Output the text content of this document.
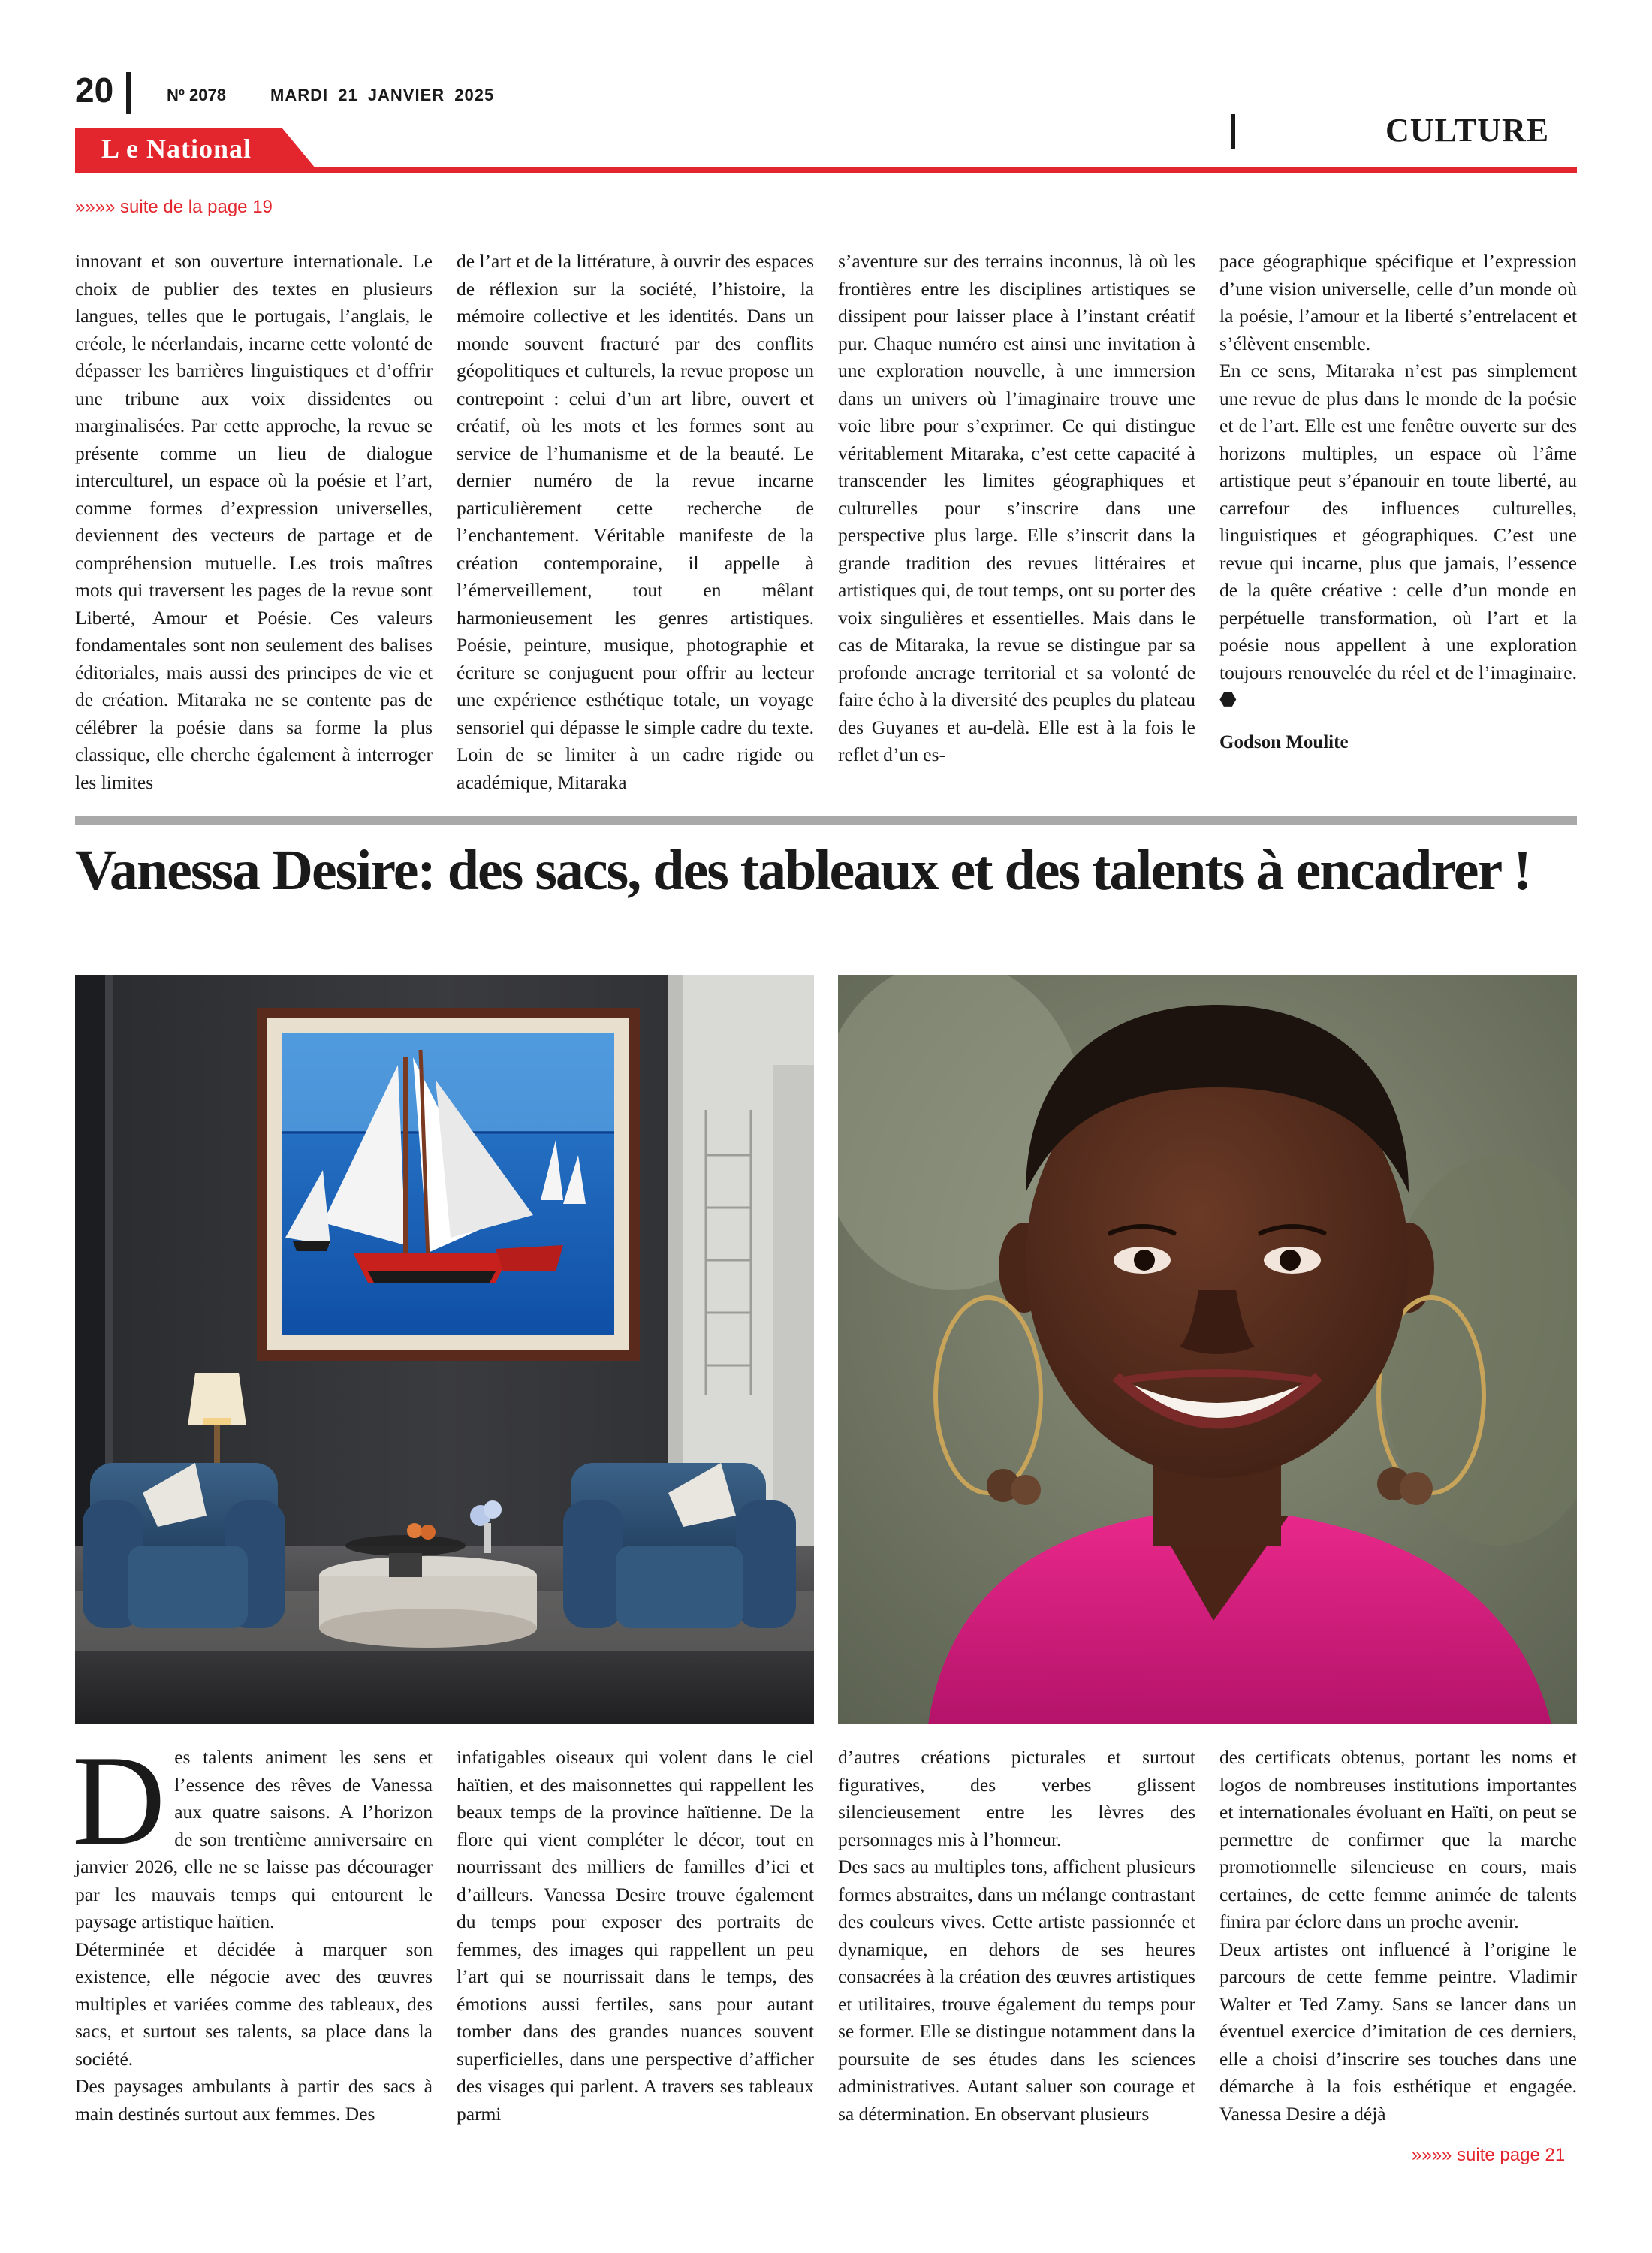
20	Nº 2078	MARDI 21 JANVIER 2025
CULTURE
L e National
»»»» suite de la page 19

innovant et son ouverture internationale. Le choix de publier des textes en plusieurs langues, telles que le portugais, l’anglais, le créole, le néerlandais, incarne cette volonté de dépasser les barrières linguistiques et d’offrir une tribune aux voix dissidentes ou marginalisées. Par cette approche, la revue se présente comme un lieu de dialogue interculturel, un espace où la poésie et l’art, comme formes d’expression universelles, deviennent des vecteurs de partage et de compréhension mutuelle. Les trois maîtres mots qui traversent les pages de la revue sont Liberté, Amour et Poésie. Ces valeurs fondamentales sont non seulement des balises éditoriales, mais aussi des principes de vie et de création. Mitaraka ne se contente pas de célébrer la poésie dans sa forme la plus classique, elle cherche également à interroger les limites

de l’art et de la littérature, à ouvrir des espaces de réflexion sur la société, l’histoire, la mémoire collective et les identités. Dans un monde souvent fracturé par des conflits géopolitiques et culturels, la revue propose un contrepoint : celui d’un art libre, ouvert et créatif, où les mots et les formes sont au service de l’humanisme et de la beauté. Le dernier numéro de la revue incarne particulièrement cette recherche de l’enchantement. Véritable manifeste de la création contemporaine, il appelle à l’émerveillement, tout en mêlant harmonieusement les genres artistiques. Poésie, peinture, musique, photographie et écriture se conjuguent pour offrir au lecteur une expérience esthétique totale, un voyage sensoriel qui dépasse le simple cadre du texte. Loin de se limiter à un cadre rigide ou académique, Mitaraka

s’aventure sur des terrains inconnus, là où les frontières entre les disciplines artistiques se dissipent pour laisser place à l’instant créatif pur. Chaque numéro est ainsi une invitation à une exploration nouvelle, à une immersion dans un univers où l’imaginaire trouve une voie libre pour s’exprimer. Ce qui distingue véritablement Mitaraka, c’est cette capacité à transcender les limites géographiques et culturelles pour s’inscrire dans une perspective plus large. Elle s’inscrit dans la grande tradition des revues littéraires et artistiques qui, de tout temps, ont su porter des voix singulières et essentielles. Mais dans le cas de Mitaraka, la revue se distingue par sa profonde ancrage territorial et sa volonté de faire écho à la diversité des peuples du plateau des Guyanes et au-delà. Elle est à la fois le reflet d’un es-

pace géographique spécifique et l’expression d’une vision universelle, celle d’un monde où la poésie, l’amour et la liberté s’entrelacent et s’élèvent ensemble.

En ce sens, Mitaraka n’est pas simplement une revue de plus dans le monde de la poésie et de l’art. Elle est une fenêtre ouverte sur des horizons multiples, un espace où l’âme artistique peut s’épanouir en toute liberté, au carrefour des influences culturelles, linguistiques et géographiques. C’est une revue qui incarne, plus que jamais, l’essence de la quête créative : celle d’un monde en perpétuelle transformation, où l’art et la poésie nous appellent à une exploration toujours renouvelée du réel et de l’imaginaire.⬣

Godson Moulite

Vanessa Desire: des sacs, des tableaux et des talents à encadrer !

Des talents animent les sens et l’essence des rêves de Vanessa aux quatre saisons. A l’horizon de son trentième anniversaire en janvier 2026, elle ne se laisse pas décourager par les mauvais temps qui entourent le paysage artistique haïtien.

Déterminée et décidée à marquer son existence, elle négocie avec des œuvres multiples et variées comme des tableaux, des sacs, et surtout ses talents, sa place dans la société.

Des paysages ambulants à partir des sacs à main destinés surtout aux femmes. Des

infatigables oiseaux qui volent dans le ciel haïtien, et des maisonnettes qui rappellent les beaux temps de la province haïtienne. De la flore qui vient compléter le décor, tout en nourrissant des milliers de familles d’ici et d’ailleurs. Vanessa Desire trouve également du temps pour exposer des portraits de femmes, des images qui rappellent un peu l’art qui se nourrissait dans le temps, des émotions aussi fertiles, sans pour autant tomber dans des grandes nuances souvent superficielles, dans une perspective d’afficher des visages qui parlent. A travers ses tableaux parmi

d’autres créations picturales et surtout figuratives, des verbes glissent silencieusement entre les lèvres des personnages mis à l’honneur.

Des sacs au multiples tons, affichent plusieurs formes abstraites, dans un mélange contrastant des couleurs vives. Cette artiste passionnée et dynamique, en dehors de ses heures consacrées à la création des œuvres artistiques et utilitaires, trouve également du temps pour se former. Elle se distingue notamment dans la poursuite de ses études dans les sciences administratives. Autant saluer son courage et sa détermination. En observant plusieurs

des certificats obtenus, portant les noms et logos de nombreuses institutions importantes et internationales évoluant en Haïti, on peut se permettre de confirmer que la marche promotionnelle silencieuse en cours, mais certaines, de cette femme animée de talents finira par éclore dans un proche avenir.

Deux artistes ont influencé à l’origine le parcours de cette femme peintre. Vladimir Walter et Ted Zamy. Sans se lancer dans un éventuel exercice d’imitation de ces derniers, elle a choisi d’inscrire ses touches dans une démarche à la fois esthétique et engagée. Vanessa Desire a déjà

»»»» suite page 21
